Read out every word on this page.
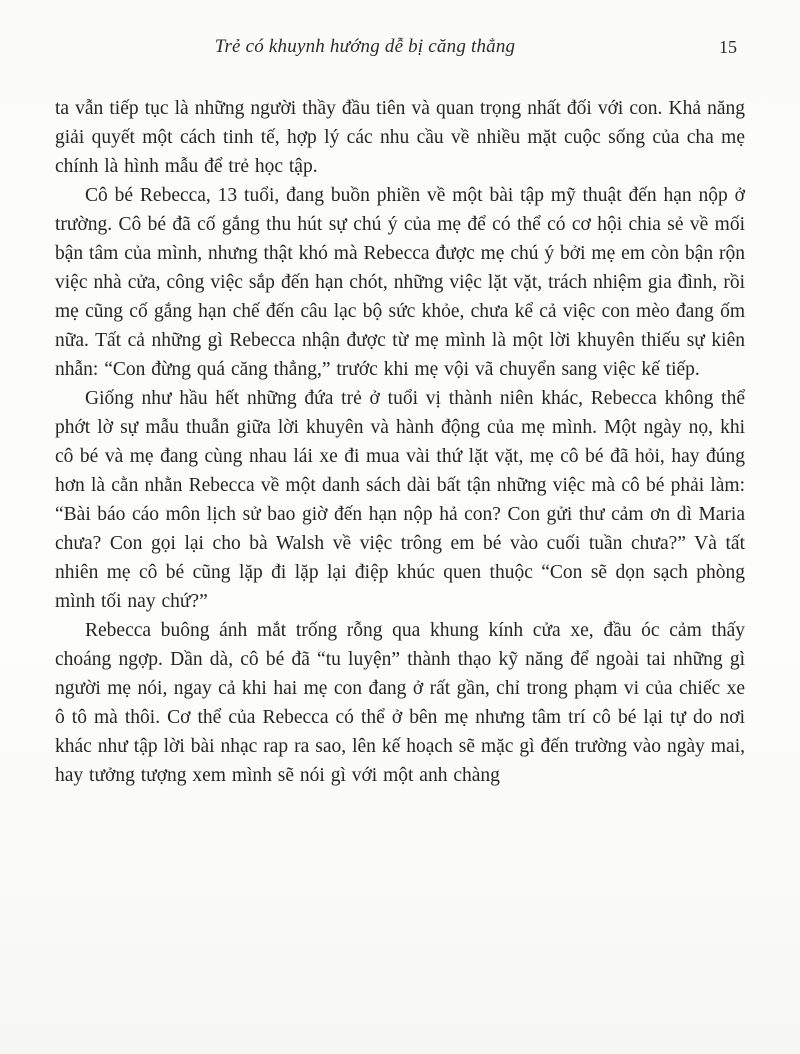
Trẻ có khuynh hướng dễ bị căng thẳng	15

ta vẫn tiếp tục là những người thầy đầu tiên và quan trọng nhất đối với con. Khả năng giải quyết một cách tinh tế, hợp lý các nhu cầu về nhiều mặt cuộc sống của cha mẹ chính là hình mẫu để trẻ học tập.

Cô bé Rebecca, 13 tuổi, đang buồn phiền về một bài tập mỹ thuật đến hạn nộp ở trường. Cô bé đã cố gắng thu hút sự chú ý của mẹ để có thể có cơ hội chia sẻ về mối bận tâm của mình, nhưng thật khó mà Rebecca được mẹ chú ý bởi mẹ em còn bận rộn việc nhà cửa, công việc sắp đến hạn chót, những việc lặt vặt, trách nhiệm gia đình, rồi mẹ cũng cố gắng hạn chế đến câu lạc bộ sức khỏe, chưa kể cả việc con mèo đang ốm nữa. Tất cả những gì Rebecca nhận được từ mẹ mình là một lời khuyên thiếu sự kiên nhẫn: “Con đừng quá căng thẳng,” trước khi mẹ vội vã chuyển sang việc kế tiếp.

Giống như hầu hết những đứa trẻ ở tuổi vị thành niên khác, Rebecca không thể phớt lờ sự mẫu thuẫn giữa lời khuyên và hành động của mẹ mình. Một ngày nọ, khi cô bé và mẹ đang cùng nhau lái xe đi mua vài thứ lặt vặt, mẹ cô bé đã hỏi, hay đúng hơn là cằn nhằn Rebecca về một danh sách dài bất tận những việc mà cô bé phải làm: “Bài báo cáo môn lịch sử bao giờ đến hạn nộp hả con? Con gửi thư cảm ơn dì Maria chưa? Con gọi lại cho bà Walsh về việc trông em bé vào cuối tuần chưa?” Và tất nhiên mẹ cô bé cũng lặp đi lặp lại điệp khúc quen thuộc “Con sẽ dọn sạch phòng mình tối nay chứ?”

Rebecca buông ánh mắt trống rỗng qua khung kính cửa xe, đầu óc cảm thấy choáng ngợp. Dần dà, cô bé đã “tu luyện” thành thạo kỹ năng để ngoài tai những gì người mẹ nói, ngay cả khi hai mẹ con đang ở rất gần, chỉ trong phạm vi của chiếc xe ô tô mà thôi. Cơ thể của Rebecca có thể ở bên mẹ nhưng tâm trí cô bé lại tự do nơi khác như tập lời bài nhạc rap ra sao, lên kế hoạch sẽ mặc gì đến trường vào ngày mai, hay tưởng tượng xem mình sẽ nói gì với một anh chàng
